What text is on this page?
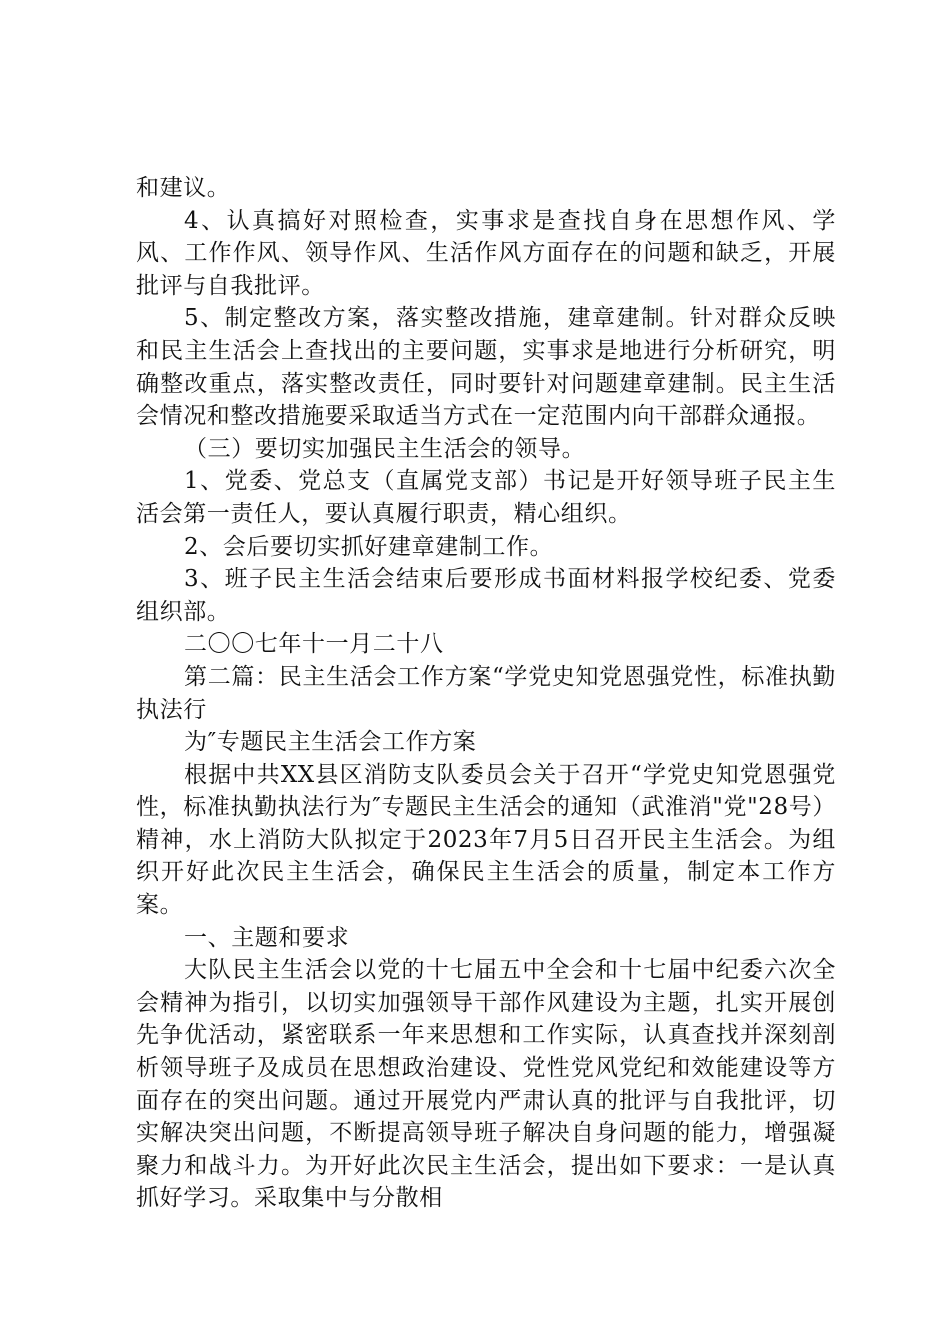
和建议。

4、认真搞好对照检查，实事求是查找自身在思想作风、学风、工作作风、领导作风、生活作风方面存在的问题和缺乏，开展批评与自我批评。

5、制定整改方案，落实整改措施，建章建制。针对群众反映和民主生活会上查找出的主要问题，实事求是地进行分析研究，明确整改重点，落实整改责任，同时要针对问题建章建制。民主生活会情况和整改措施要采取适当方式在一定范围内向干部群众通报。

（三）要切实加强民主生活会的领导。

1、党委、党总支（直属党支部）书记是开好领导班子民主生活会第一责任人，要认真履行职责，精心组织。

2、会后要切实抓好建章建制工作。

3、班子民主生活会结束后要形成书面材料报学校纪委、党委组织部。

二〇〇七年十一月二十八

第二篇：民主生活会工作方案“学党史知党恩强党性，标准执勤执法行

为″专题民主生活会工作方案

根据中共XX县区消防支队委员会关于召开“学党史知党恩强党性，标准执勤执法行为″专题民主生活会的通知（武淮消"党"28号）精神，水上消防大队拟定于2023年7月5日召开民主生活会。为组织开好此次民主生活会，确保民主生活会的质量，制定本工作方案。

一、主题和要求

大队民主生活会以党的十七届五中全会和十七届中纪委六次全会精神为指引，以切实加强领导干部作风建设为主题，扎实开展创先争优活动，紧密联系一年来思想和工作实际，认真查找并深刻剖析领导班子及成员在思想政治建设、党性党风党纪和效能建设等方面存在的突出问题。通过开展党内严肃认真的批评与自我批评，切实解决突出问题，不断提高领导班子解决自身问题的能力，增强凝聚力和战斗力。为开好此次民主生活会，提出如下要求：一是认真抓好学习。采取集中与分散相
